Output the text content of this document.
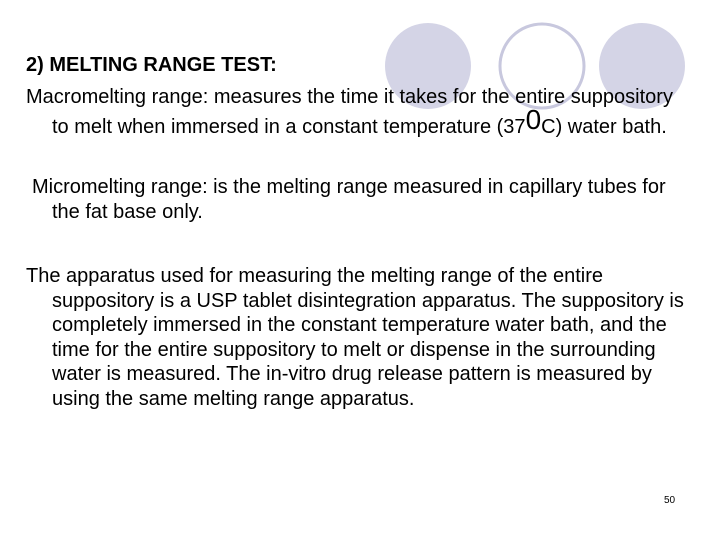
2) MELTING RANGE TEST:

Macromelting range: measures the time it takes for the entire suppository to melt when immersed in a constant temperature (370C) water bath.

Micromelting range: is the melting range measured in capillary tubes for the fat base only.

The apparatus used for measuring the melting range of the entire suppository is a USP tablet disintegration apparatus. The suppository is completely immersed in the constant temperature water bath, and the time for the entire suppository to melt or dispense in the surrounding water is measured. The in-vitro drug release pattern is measured by using the same melting range apparatus.

50
